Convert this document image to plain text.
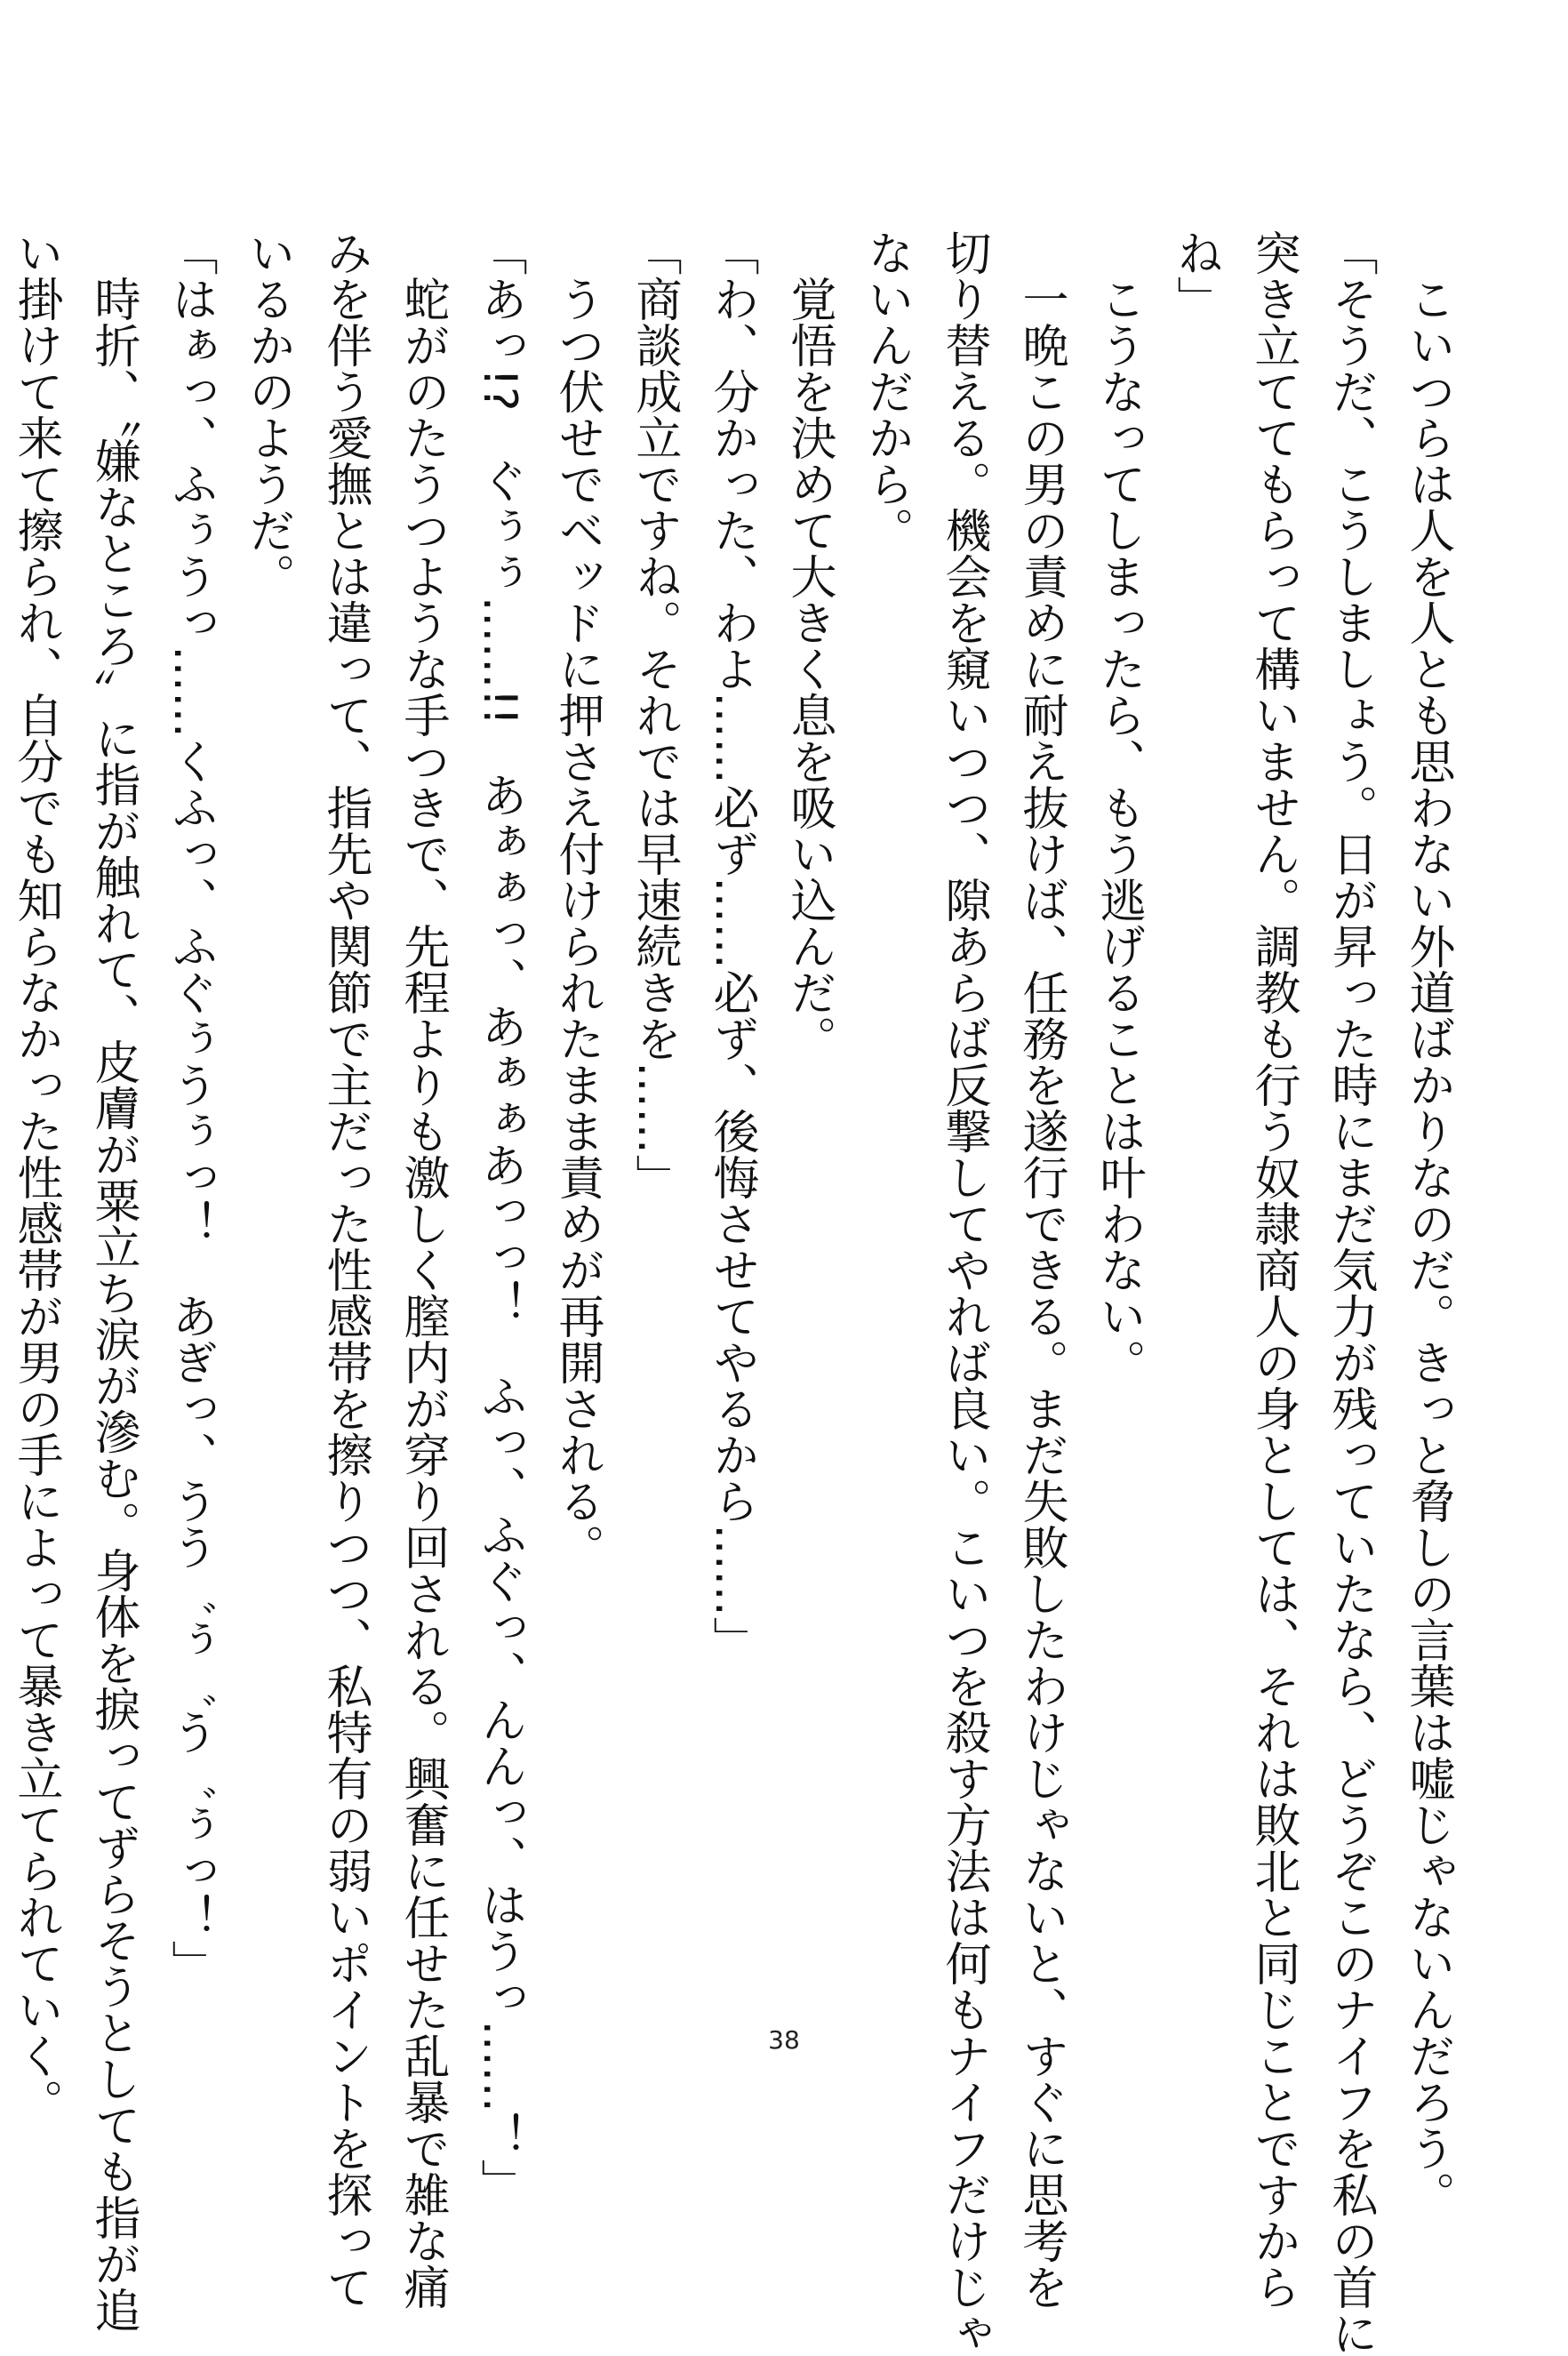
　こいつらは人を人とも思わない外道ばかりなのだ。きっと脅しの言葉は嘘じゃないんだろう。
「そうだ、こうしましょう。日が昇った時にまだ気力が残っていたなら、どうぞこのナイフを私の首に
突き立ててもらって構いません。調教も行う奴隷商人の身としては、それは敗北と同じことですから
ね」
　こうなってしまったら、もう逃げることは叶わない。
　一晩この男の責めに耐え抜けば、任務を遂行できる。まだ失敗したわけじゃないと、すぐに思考を
切り替える。機会を窺いつつ、隙あらば反撃してやれば良い。こいつを殺す方法は何もナイフだけじゃ
ないんだから。
　覚悟を決めて大きく息を吸い込んだ。
「わ、分かった、わよ……必ず……必ず、後悔させてやるから……」
「商談成立ですね。それでは早速続きを……」
　うつ伏せでベッドに押さえ付けられたまま責めが再開される。
「あっ!?　ぐぅぅ……!!　あぁぁっ、あぁぁあっっ！　ふっ、ふぐっ、んんっ、はうっ……！」
　蛇がのたうつような手つきで、先程よりも激しく膣内が穿り回される。興奮に任せた乱暴で雑な痛
みを伴う愛撫とは違って、指先や関節で主だった性感帯を擦りつつ、私特有の弱いポイントを探って
いるかのようだ。
「はぁっ、ふぅうっ……くふっ、ふぐぅうぅっ！　あぎっ、うう゛ぅ゛う゛ぅっ！」
　時折、〝嫌なところ〟に指が触れて、皮膚が粟立ち涙が滲む。身体を捩ってずらそうとしても指が追
い掛けて来て擦られ、自分でも知らなかった性感帯が男の手によって暴き立てられていく。	38
